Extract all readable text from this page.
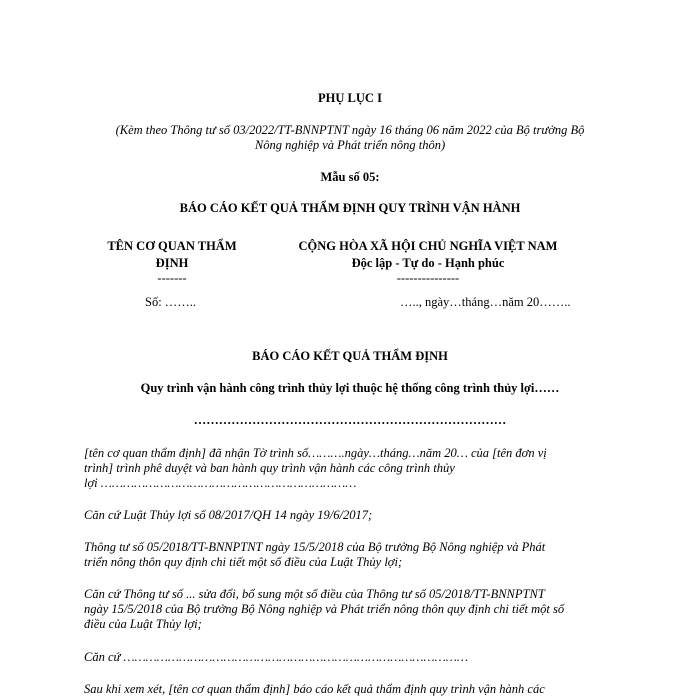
PHỤ LỤC I
(Kèm theo Thông tư số 03/2022/TT-BNNPTNT ngày 16 tháng 06 năm 2022 của Bộ trưởng Bộ
Nông nghiệp và Phát triển nông thôn)
Mẫu số 05:
BÁO CÁO KẾT QUẢ THẨM ĐỊNH QUY TRÌNH VẬN HÀNH
TÊN CƠ QUAN THẨM
ĐỊNH
-------
Số: ……..
CỘNG HÒA XÃ HỘI CHỦ NGHĨA VIỆT NAM
Độc lập - Tự do - Hạnh phúc
---------------
….., ngày…tháng…năm 20……..
BÁO CÁO KẾT QUẢ THẨM ĐỊNH
Quy trình vận hành công trình thủy lợi thuộc hệ thống công trình thủy lợi……
…………………………………………………………………
[tên cơ quan thẩm định] đã nhận Tờ trình số……….ngày…tháng…năm 20… của [tên đơn vị
trình] trình phê duyệt và ban hành quy trình vận hành các công trình thủy
lợi ……………………………………………………………
Căn cứ Luật Thủy lợi số 08/2017/QH 14 ngày 19/6/2017;
Thông tư số 05/2018/TT-BNNPTNT ngày 15/5/2018 của Bộ trưởng Bộ Nông nghiệp và Phát
triển nông thôn quy định chi tiết một số điều của Luật Thủy lợi;
Căn cứ Thông tư số ... sửa đổi, bổ sung một số điều của Thông tư số 05/2018/TT-BNNPTNT
ngày 15/5/2018 của Bộ trưởng Bộ Nông nghiệp và Phát triển nông thôn quy định chi tiết một số
điều của Luật Thủy lợi;
Căn cứ …………………………………………………………………………………
Sau khi xem xét, [tên cơ quan thẩm định] báo cáo kết quả thẩm định quy trình vận hành các
